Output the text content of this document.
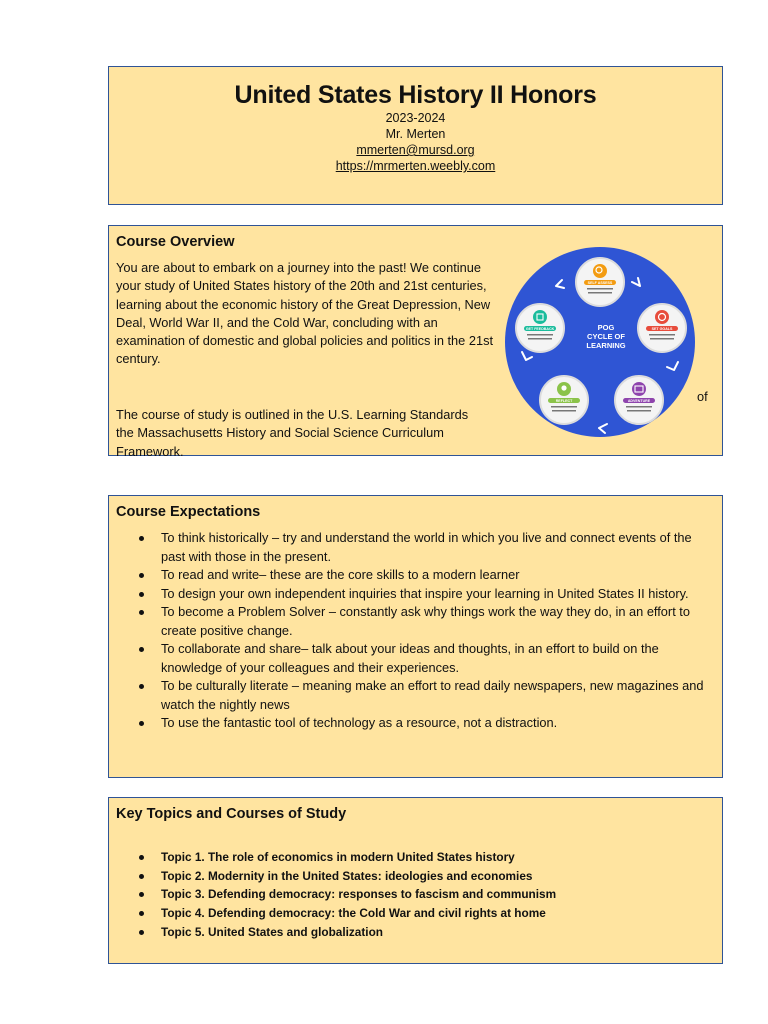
United States History II Honors
2023-2024
Mr. Merten
mmerten@mursd.org
https://mrmerten.weebly.com
Course Overview
You are about to embark on a journey into the past! We continue your study of United States history of the 20th and 21st centuries, learning about the economic history of the Great Depression, New Deal, World War II, and the Cold War, concluding with an examination of domestic and global policies and politics in the 21st century.
The course of study is outlined in the U.S. Learning Standards
the Massachusetts History and Social Science Curriculum Framework.
of
POG
CYCLE OF
LEARNING
SELF ASSESS
SET GOALS
ADVENTURE
REFLECT
GET FEEDBACK
Course Expectations
To think historically – try and understand the world in which you live and connect events of the past with those in the present.
To read and write– these are the core skills to a modern learner
To design your own independent inquiries that inspire your learning in United States II history.
To become a Problem Solver – constantly ask why things work the way they do, in an effort to create positive change.
To collaborate and share– talk about your ideas and thoughts, in an effort to build on the knowledge of your colleagues and their experiences.
To be culturally literate – meaning make an effort to read daily newspapers, new magazines and watch the nightly news
To use the fantastic tool of technology as a resource, not a distraction.
Key Topics and Courses of Study
Topic 1. The role of economics in modern United States history
Topic 2. Modernity in the United States: ideologies and economies
Topic 3. Defending democracy: responses to fascism and communism
Topic 4. Defending democracy: the Cold War and civil rights at home
Topic 5. United States and globalization
